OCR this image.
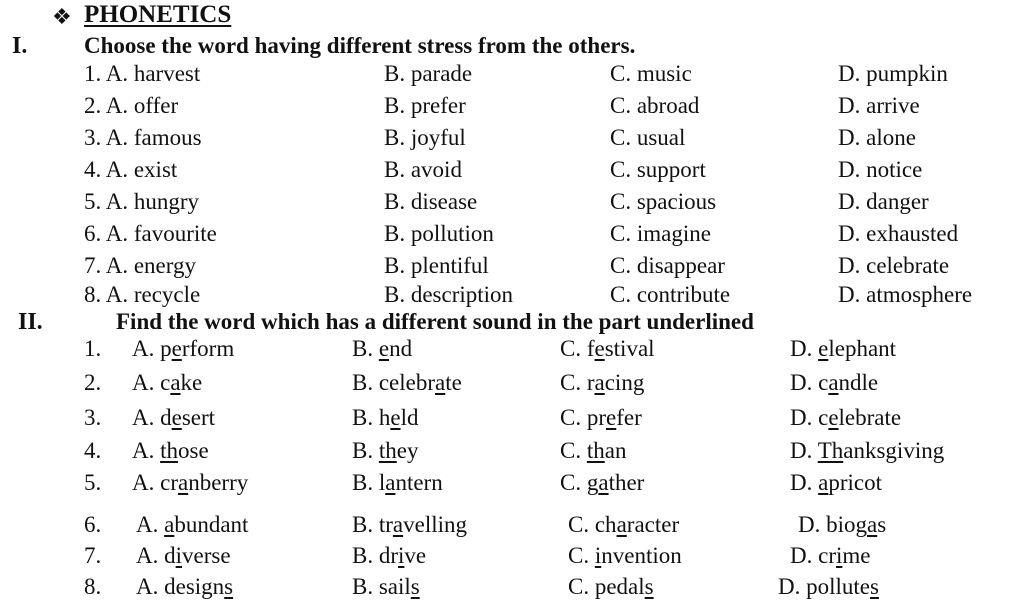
❖ PHONETICS
I. Choose the word having different stress from the others.
1. A. harvest	B. parade	C. music	D. pumpkin
2. A. offer	B. prefer	C. abroad	D. arrive
3. A. famous	B. joyful	C. usual	D. alone
4. A. exist	B. avoid	C. support	D. notice
5. A. hungry	B. disease	C. spacious	D. danger
6. A. favourite	B. pollution	C. imagine	D. exhausted
7. A. energy	B. plentiful	C. disappear	D. celebrate
8. A. recycle	B. description	C. contribute	D. atmosphere
II.	Find the word which has a different sound in the part underlined
1. A. perform	B. end	C. festival	D. elephant
2. A. cake	B. celebrate	C. racing	D. candle
3. A. desert	B. held	C. prefer	D. celebrate
4. A. those	B. they	C. than	D. Thanksgiving
5. A. cranberry	B. lantern	C. gather	D. apricot
6. A. abundant	B. travelling	C. character	D. biogas
7. A. diverse	B. drive	C. invention	D. crime
8. A. designs	B. sails	C. pedals	D. pollutes
